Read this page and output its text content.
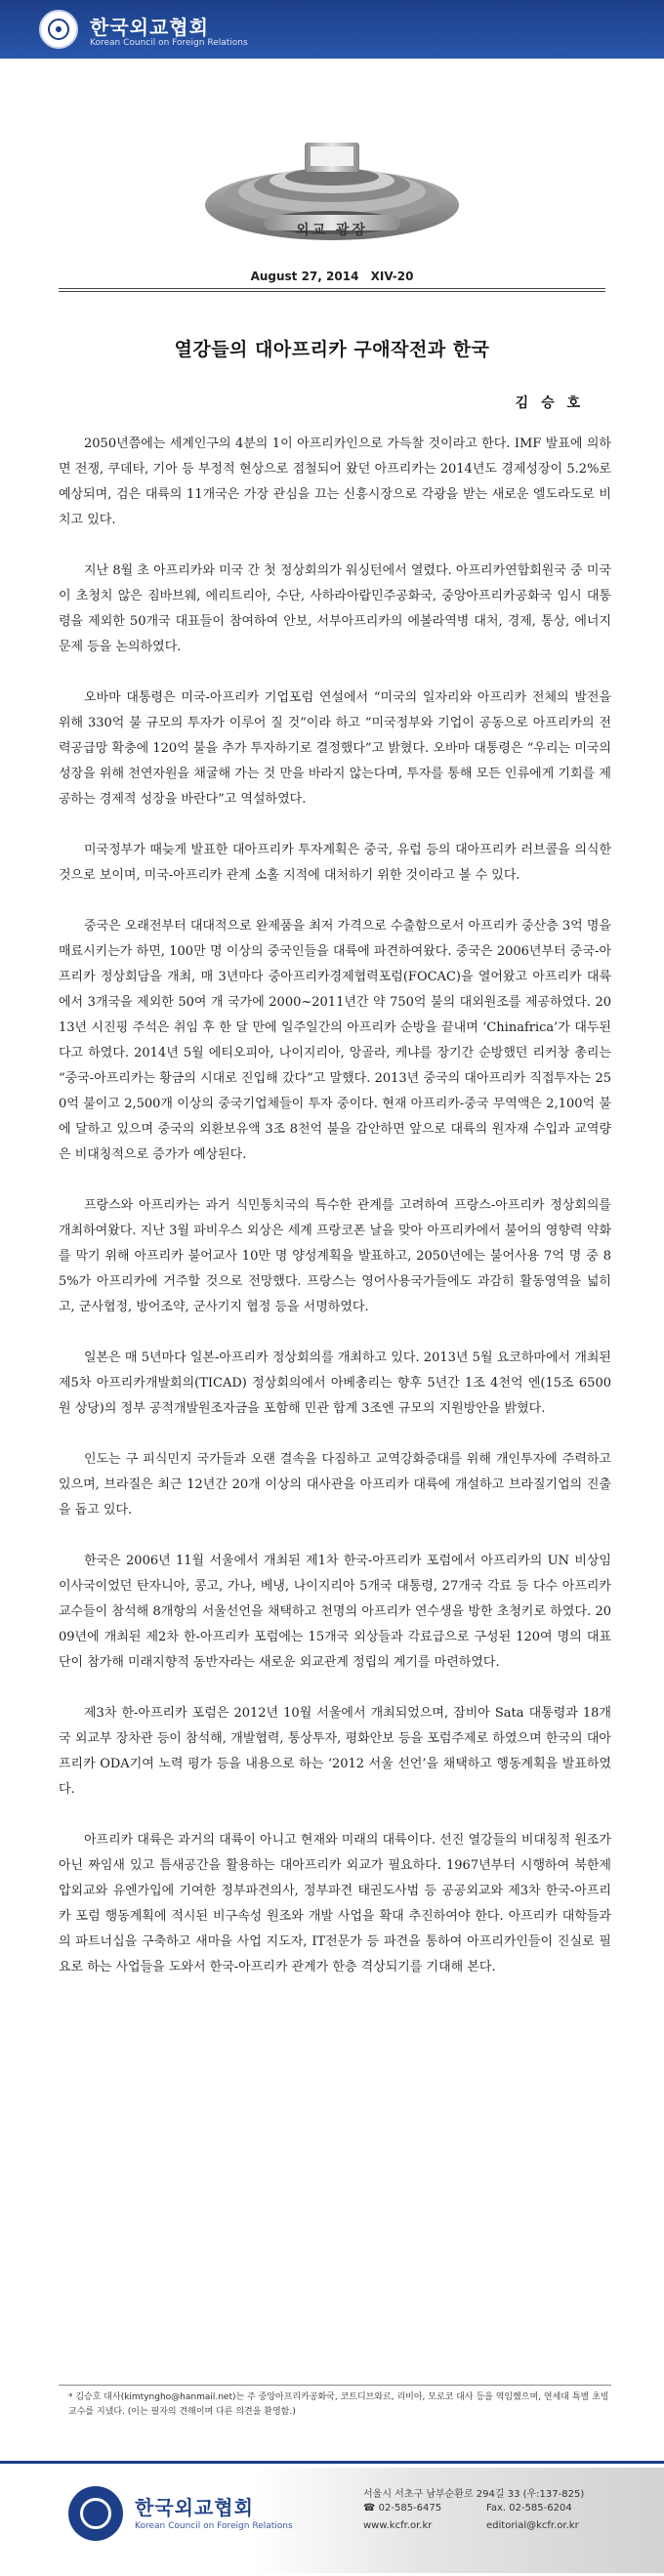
한국외교협회
Korean Council on Foreign Relations
외교 광장
August 27, 2014 XIV-20
열강들의 대아프리카 구애작전과 한국
김 승 호

2050년쯤에는 세계인구의 4분의 1이 아프리카인으로 가득찰 것이라고 한다. IMF 발표에 의하면 전쟁, 쿠데타, 기아 등 부정적 현상으로 점철되어 왔던 아프리카는 2014년도 경제성장이 5.2%로 예상되며, 검은 대륙의 11개국은 가장 관심을 끄는 신흥시장으로 각광을 받는 새로운 엘도라도로 비치고 있다.

지난 8월 초 아프리카와 미국 간 첫 정상회의가 워싱턴에서 열렸다. 아프리카연합회원국 중 미국이 초청치 않은 짐바브웨, 에리트리아, 수단, 사하라아랍민주공화국, 중앙아프리카공화국 임시 대통령을 제외한 50개국 대표들이 참여하여 안보, 서부아프리카의 에볼라역병 대처, 경제, 통상, 에너지 문제 등을 논의하였다.

오바마 대통령은 미국-아프리카 기업포럼 연설에서 “미국의 일자리와 아프리카 전체의 발전을 위해 330억 불 규모의 투자가 이루어 질 것”이라 하고 “미국정부와 기업이 공동으로 아프리카의 전력공급망 확충에 120억 불을 추가 투자하기로 결정했다”고 밝혔다. 오바마 대통령은 “우리는 미국의 성장을 위해 천연자원을 채굴해 가는 것 만을 바라지 않는다며, 투자를 통해 모든 인류에게 기회를 제공하는 경제적 성장을 바란다”고 역설하였다.

미국정부가 때늦게 발표한 대아프리카 투자계획은 중국, 유럽 등의 대아프리카 러브콜을 의식한 것으로 보이며, 미국-아프리카 관계 소홀 지적에 대처하기 위한 것이라고 볼 수 있다.

중국은 오래전부터 대대적으로 완제품을 최저 가격으로 수출함으로서 아프리카 중산층 3억 명을 매료시키는가 하면, 100만 명 이상의 중국인들을 대륙에 파견하여왔다. 중국은 2006년부터 중국-아프리카 정상회담을 개최, 매 3년마다 중아프리카경제협력포럼(FOCAC)을 열어왔고 아프리카 대륙에서 3개국을 제외한 50여 개 국가에 2000~2011년간 약 750억 불의 대외원조를 제공하였다. 2013년 시진핑 주석은 취임 후 한 달 만에 일주일간의 아프리카 순방을 끝내며 ‘Chinafrica’가 대두된다고 하였다. 2014년 5월 에티오피아, 나이지리아, 앙골라, 케냐를 장기간 순방했던 리커창 총리는 “중국-아프리카는 황금의 시대로 진입해 갔다”고 말했다. 2013년 중국의 대아프리카 직접투자는 250억 불이고 2,500개 이상의 중국기업체들이 투자 중이다. 현재 아프리카-중국 무역액은 2,100억 불에 달하고 있으며 중국의 외환보유액 3조 8천억 불을 감안하면 앞으로 대륙의 원자재 수입과 교역량은 비대칭적으로 증가가 예상된다.

프랑스와 아프리카는 과거 식민통치국의 특수한 관계를 고려하여 프랑스-아프리카 정상회의를 개최하여왔다. 지난 3월 파비우스 외상은 세계 프랑코폰 날을 맞아 아프리카에서 불어의 영향력 약화를 막기 위해 아프리카 불어교사 10만 명 양성계획을 발표하고, 2050년에는 불어사용 7억 명 중 85%가 아프리카에 거주할 것으로 전망했다. 프랑스는 영어사용국가들에도 과감히 활동영역을 넓히고, 군사협정, 방어조약, 군사기지 협정 등을 서명하였다.

일본은 매 5년마다 일본-아프리카 정상회의를 개최하고 있다. 2013년 5월 요코하마에서 개최된 제5차 아프리카개발회의(TICAD) 정상회의에서 아베총리는 향후 5년간 1조 4천억 엔(15조 6500원 상당)의 정부 공적개발원조자금을 포함해 민관 합계 3조엔 규모의 지원방안을 밝혔다.

인도는 구 피식민지 국가들과 오랜 결속을 다짐하고 교역강화증대를 위해 개인투자에 주력하고 있으며, 브라질은 최근 12년간 20개 이상의 대사관을 아프리카 대륙에 개설하고 브라질기업의 진출을 돕고 있다.

한국은 2006년 11월 서울에서 개최된 제1차 한국-아프리카 포럼에서 아프리카의 UN 비상임이사국이었던 탄자니아, 콩고, 가나, 베냉, 나이지리아 5개국 대통령, 27개국 각료 등 다수 아프리카 교수들이 참석해 8개항의 서울선언을 채택하고 천명의 아프리카 연수생을 방한 초청키로 하였다. 2009년에 개최된 제2차 한-아프리카 포럼에는 15개국 외상들과 각료급으로 구성된 120여 명의 대표단이 참가해 미래지향적 동반자라는 새로운 외교관계 정립의 계기를 마련하였다.

제3차 한-아프리카 포럼은 2012년 10월 서울에서 개최되었으며, 잠비아 Sata 대통령과 18개국 외교부 장차관 등이 참석해, 개발협력, 통상투자, 평화안보 등을 포럼주제로 하였으며 한국의 대아프리카 ODA기여 노력 평가 등을 내용으로 하는 ‘2012 서울 선언’을 채택하고 행동계획을 발표하였다.

아프리카 대륙은 과거의 대륙이 아니고 현재와 미래의 대륙이다. 선진 열강들의 비대칭적 원조가 아닌 짜임새 있고 틈새공간을 활용하는 대아프리카 외교가 필요하다. 1967년부터 시행하여 북한제압외교와 유엔가입에 기여한 정부파견의사, 정부파견 태권도사범 등 공공외교와 제3차 한국-아프리카 포럼 행동계획에 적시된 비구속성 원조와 개발 사업을 확대 추진하여야 한다. 아프리카 대학들과의 파트너십을 구축하고 새마을 사업 지도자, IT전문가 등 파견을 통하여 아프리카인들이 진실로 필요로 하는 사업들을 도와서 한국-아프리카 관계가 한층 격상되기를 기대해 본다.

* 김승호 대사(kimtyngho@hanmail.net)는 주 중앙아프리카공화국, 코트디브와르, 리비아, 모로코 대사 등을 역임했으며, 연세대 특별 초빙교수를 지냈다. (이는 필자의 견해이며 다른 의견을 환영함.)
서울시 서초구 남부순환로 294길 33 (우:137-825)
☎ 02-585-6475	Fax. 02-585-6204
www.kcfr.or.kr	editorial@kcfr.or.kr
한국외교협회
Korean Council on Foreign Relations
